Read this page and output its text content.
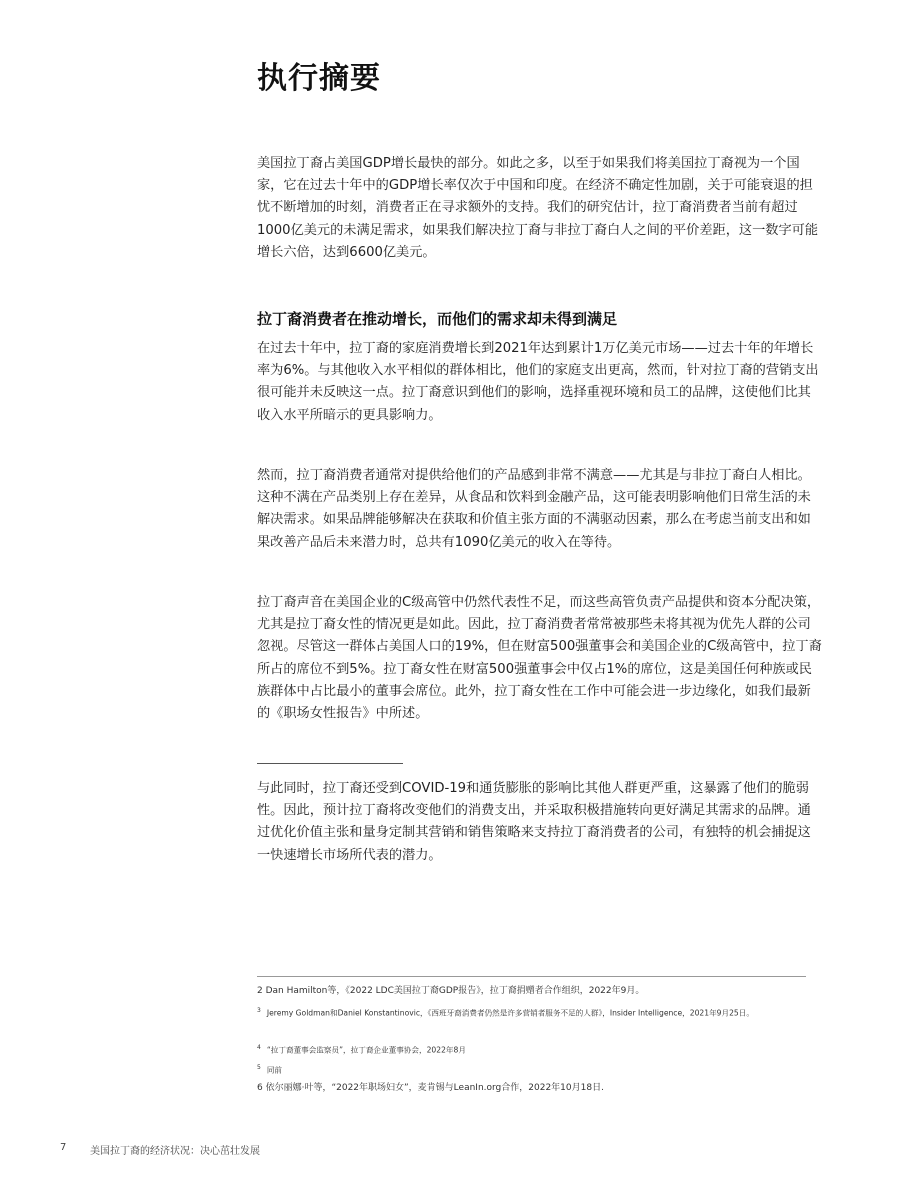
执行摘要

美国拉丁裔占美国GDP增长最快的部分。如此之多，以至于如果我们将美国拉丁裔视为一个国家，它在过去十年中的GDP增长率仅次于中国和印度。在经济不确定性加剧，关于可能衰退的担忧不断增加的时刻，消费者正在寻求额外的支持。我们的研究估计，拉丁裔消费者当前有超过1000亿美元的未满足需求，如果我们解决拉丁裔与非拉丁裔白人之间的平价差距，这一数字可能增长六倍，达到6600亿美元。

拉丁裔消费者在推动增长，而他们的需求却未得到满足

在过去十年中，拉丁裔的家庭消费增长到2021年达到累计1万亿美元市场——过去十年的年增长率为6%。与其他收入水平相似的群体相比，他们的家庭支出更高，然而，针对拉丁裔的营销支出很可能并未反映这一点。拉丁裔意识到他们的影响，选择重视环境和员工的品牌，这使他们比其收入水平所暗示的更具影响力。

然而，拉丁裔消费者通常对提供给他们的产品感到非常不满意——尤其是与非拉丁裔白人相比。这种不满在产品类别上存在差异，从食品和饮料到金融产品，这可能表明影响他们日常生活的未解决需求。如果品牌能够解决在获取和价值主张方面的不满驱动因素，那么在考虑当前支出和如果改善产品后未来潜力时，总共有1090亿美元的收入在等待。

拉丁裔声音在美国企业的C级高管中仍然代表性不足，而这些高管负责产品提供和资本分配决策，尤其是拉丁裔女性的情况更是如此。因此，拉丁裔消费者常常被那些未将其视为优先人群的公司忽视。尽管这一群体占美国人口的19%，但在财富500强董事会和美国企业的C级高管中，拉丁裔所占的席位不到5%。拉丁裔女性在财富500强董事会中仅占1%的席位，这是美国任何种族或民族群体中占比最小的董事会席位。此外，拉丁裔女性在工作中可能会进一步边缘化，如我们最新的《职场女性报告》中所述。

与此同时，拉丁裔还受到COVID-19和通货膨胀的影响比其他人群更严重，这暴露了他们的脆弱性。因此，预计拉丁裔将改变他们的消费支出，并采取积极措施转向更好满足其需求的品牌。通过优化价值主张和量身定制其营销和销售策略来支持拉丁裔消费者的公司，有独特的机会捕捉这一快速增长市场所代表的潜力。

2 Dan Hamilton等，《2022 LDC美国拉丁裔GDP报告》，拉丁裔捐赠者合作组织，2022年9月。

$^3$ Jeremy Goldman和Daniel Konstantinovic，《西班牙裔消费者仍然是许多营销者服务不足的人群》，Insider Intelligence，2021年9月25日。

$^4$ “拉丁裔董事会监察员”，拉丁裔企业董事协会，2022年8月

$^5$ 同前

6 依尔丽娜·叶等，“2022年职场妇女”，麦肯锡与LeanIn.org合作，2022年10月18日.

7 美国拉丁裔的经济状况：决心茁壮发展
